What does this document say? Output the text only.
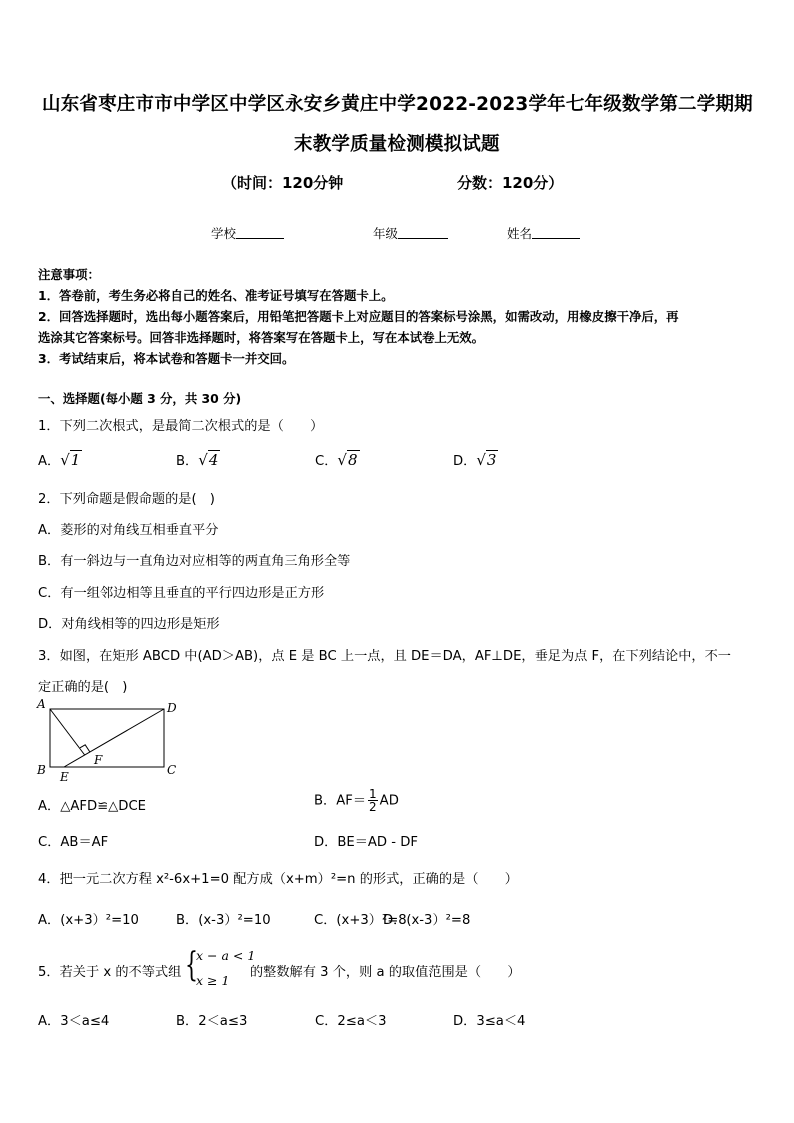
山东省枣庄市市中学区中学区永安乡黄庄中学2022-2023学年七年级数学第二学期期
末教学质量检测模拟试题
（时间：120分钟	分数：120分）
学校	年级	姓名
注意事项：
1．答卷前，考生务必将自己的姓名、准考证号填写在答题卡上。
2．回答选择题时，选出每小题答案后，用铅笔把答题卡上对应题目的答案标号涂黑，如需改动，用橡皮擦干净后，再
选涂其它答案标号。回答非选择题时，将答案写在答题卡上，写在本试卷上无效。
3．考试结束后，将本试卷和答题卡一并交回。
一、选择题(每小题 3 分，共 30 分)
1．下列二次根式，是最简二次根式的是（　　）
A．√1	B．√4	C．√8	D．√3
2．下列命题是假命题的是(　)
A．菱形的对角线互相垂直平分
B．有一斜边与一直角边对应相等的两直角三角形全等
C．有一组邻边相等且垂直的平行四边形是正方形
D．对角线相等的四边形是矩形
3．如图，在矩形 ABCD 中(AD＞AB)，点 E 是 BC 上一点，且 DE＝DA，AF⊥DE，垂足为点 F，在下列结论中，不一
定正确的是(　)
A	D
B	C
E
F
A．△AFD≌△DCE	B．$AF= \frac{1}{2}$ AD
C．AB＝AF	D．BE＝AD - DF
4．把一元二次方程 x²-6x+1=0 配方成（x+m）²=n 的形式，正确的是（　　）
A．(x+3）²=10	B．(x-3）²=10	C．(x+3）²=8
D．(x-3）²=8
5．若关于 x 的不等式组 {
x − a < 1
x ≥ 1
的整数解有 3 个，则 a 的取值范围是（　　）
A．3＜a≤4	B．2＜a≤3	C．2≤a＜3	D．3≤a＜4
